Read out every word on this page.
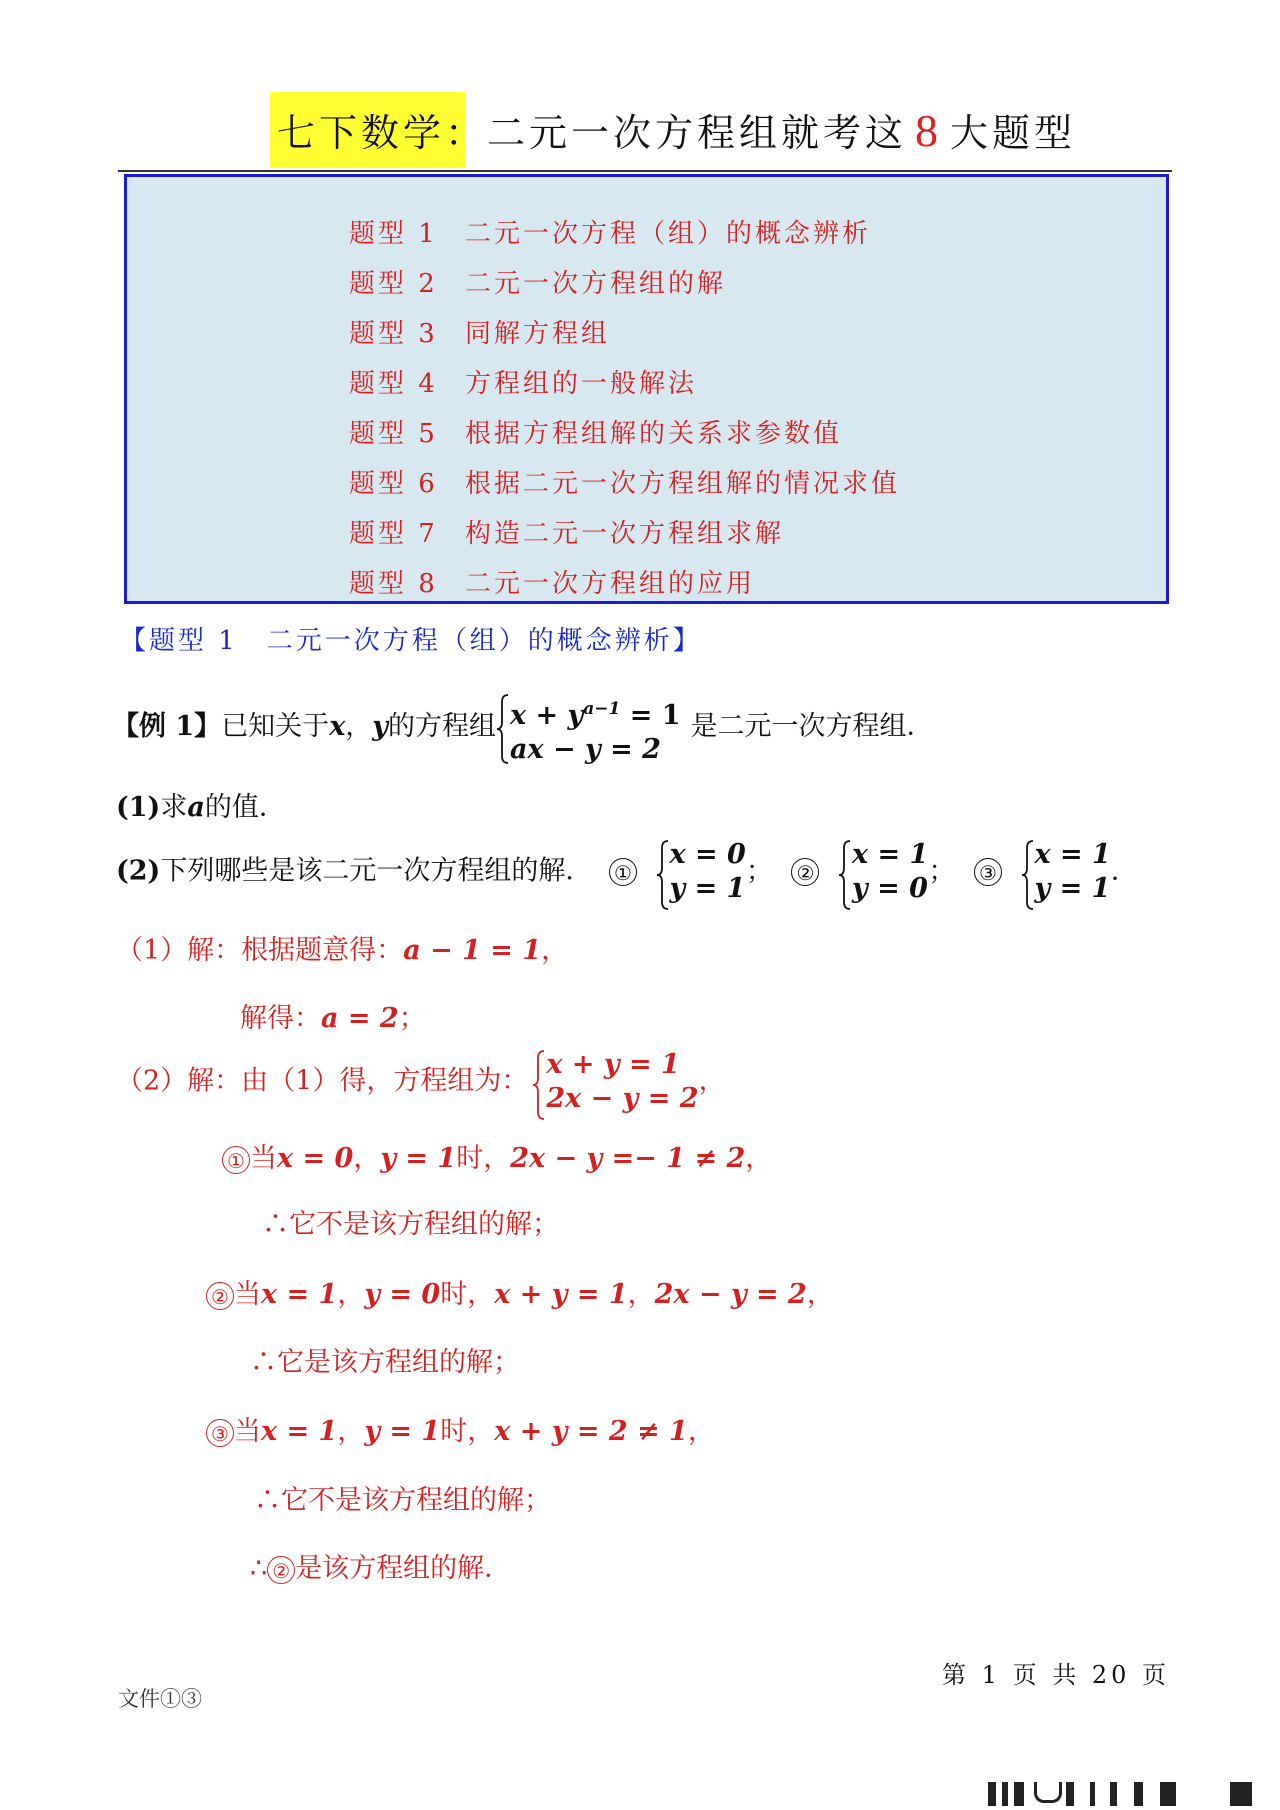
七下数学：二元一次方程组就考这 8 大题型
题型 1 二元一次方程（组）的概念辨析
题型 2 二元一次方程组的解
题型 3 同解方程组
题型 4 方程组的一般解法
题型 5 根据方程组解的关系求参数值
题型 6 根据二元一次方程组解的情况求值
题型 7 构造二元一次方程组求解
题型 8 二元一次方程组的应用
【题型 1　二元一次方程（组）的概念辨析】
【例 1】已知关于x，y的方程组 $x + y^{a-1} = 1$
ax − y = 2
是二元一次方程组．
(1)求a的值．
(2)下列哪些是该二元一次方程组的解． ①
x = 0
y = 1
； ②
x = 1
y = 0
； ③
x = 1
y = 1
．
（1）解：根据题意得：a − 1 = 1，
解得：a = 2；
（2）解：由（1）得，方程组为：
x + y = 1
2x − y = 2
，
① 当x = 0，y = 1时，2x − y =− 1 ≠ 2，
∴它不是该方程组的解；
② 当x = 1，y = 0时，x + y = 1，2x − y = 2，
∴它是该方程组的解；
③ 当x = 1，y = 1时，x + y = 2 ≠ 1，
∴它不是该方程组的解；
∴ ② 是该方程组的解．
第 1 页 共 20 页
文件①③
